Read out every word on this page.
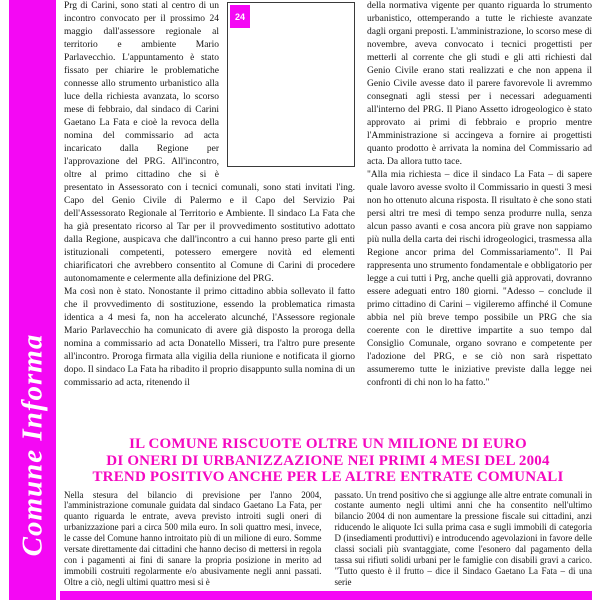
Comune Informa
24

Prg di Carini, sono stati al centro di un incontro convocato per il prossimo 24 maggio dall'assessore regionale al territorio e ambiente Mario Parlavecchio. L'appuntamento è stato fissato per chiarire le problematiche connesse allo strumento urbanistico alla luce della richiesta avanzata, lo scorso mese di febbraio, dal sindaco di Carini Gaetano La Fata e cioè la revoca della nomina del commissario ad acta incaricato dalla Regione per l'approvazione del PRG. All'incontro, oltre al primo cittadino che si è presentato in Assessorato con i tecnici comunali, sono stati invitati l'ing. Capo del Genio Civile di Palermo e il Capo del Servizio Pai dell'Assessorato Regionale al Territorio e Ambiente. Il sindaco La Fata che ha già presentato ricorso al Tar per il provvedimento sostitutivo adottato dalla Regione, auspicava che dall'incontro a cui hanno preso parte gli enti istituzionali competenti, potessero emergere novità ed elementi chiarificatori che avrebbero consentito al Comune di Carini di procedere autonomamente e celermente alla definizione del PRG.

Ma così non è stato. Nonostante il primo cittadino abbia sollevato il fatto che il provvedimento di sostituzione, essendo la problematica rimasta identica a 4 mesi fa, non ha accelerato alcunché, l'Assessore regionale Mario Parlavecchio ha comunicato di avere già disposto la proroga della nomina a commissario ad acta Donatello Misseri, tra l'altro pure presente all'incontro. Proroga firmata alla vigilia della riunione e notificata il giorno dopo. Il sindaco La Fata ha ribadito il proprio disappunto sulla nomina di un commissario ad acta, ritenendo il

della normativa vigente per quanto riguarda lo strumento urbanistico, ottemperando a tutte le richieste avanzate dagli organi preposti. L'amministrazione, lo scorso mese di novembre, aveva convocato i tecnici progettisti per metterli al corrente che gli studi e gli atti richiesti dal Genio Civile erano stati realizzati e che non appena il Genio Civile avesse dato il parere favorevole li avremmo consegnati agli stessi per i necessari adeguamenti all'interno del PRG. Il Piano Assetto idrogeologico è stato approvato ai primi di febbraio e proprio mentre l'Amministrazione si accingeva a fornire ai progettisti quanto prodotto è arrivata la nomina del Commissario ad acta. Da allora tutto tace.

"Alla mia richiesta – dice il sindaco La Fata – di sapere quale lavoro avesse svolto il Commissario in questi 3 mesi non ho ottenuto alcuna risposta. Il risultato è che sono stati persi altri tre mesi di tempo senza produrre nulla, senza alcun passo avanti e cosa ancora più grave non sappiamo più nulla della carta dei rischi idrogeologici, trasmessa alla Regione ancor prima del Commissariamento". Il Pai rappresenta uno strumento fondamentale e obbligatorio per legge a cui tutti i Prg, anche quelli già approvati, dovranno essere adeguati entro 180 giorni. "Adesso – conclude il primo cittadino di Carini – vigileremo affinché il Comune abbia nel più breve tempo possibile un PRG che sia coerente con le direttive impartite a suo tempo dal Consiglio Comunale, organo sovrano e competente per l'adozione del PRG, e se ciò non sarà rispettato assumeremo tutte le iniziative previste dalla legge nei confronti di chi non lo ha fatto."

IL COMUNE RISCUOTE OLTRE UN MILIONE DI EURO
DI ONERI DI URBANIZZAZIONE NEI PRIMI 4 MESI DEL 2004
TREND POSITIVO ANCHE PER LE ALTRE ENTRATE COMUNALI

Nella stesura del bilancio di previsione per l'anno 2004, l'amministrazione comunale guidata dal sindaco Gaetano La Fata, per quanto riguarda le entrate, aveva previsto introiti sugli oneri di urbanizzazione pari a circa 500 mila euro. In soli quattro mesi, invece, le casse del Comune hanno introitato più di un milione di euro. Somme versate direttamente dai cittadini che hanno deciso di mettersi in regola con i pagamenti ai fini di sanare la propria posizione in merito ad immobili costruiti regolarmente e/o abusivamente negli anni passati. Oltre a ciò, negli ultimi quattro mesi si è

passato. Un trend positivo che si aggiunge alle altre entrate comunali in costante aumento negli ultimi anni che ha consentito nell'ultimo bilancio 2004 di non aumentare la pressione fiscale sui cittadini, anzi riducendo le aliquote Ici sulla prima casa e sugli immobili di categoria D (insediamenti produttivi) e introducendo agevolazioni in favore delle classi sociali più svantaggiate, come l'esonero dal pagamento della tassa sui rifiuti solidi urbani per le famiglie con disabili gravi a carico. "Tutto questo è il frutto – dice il Sindaco Gaetano La Fata – di una serie
